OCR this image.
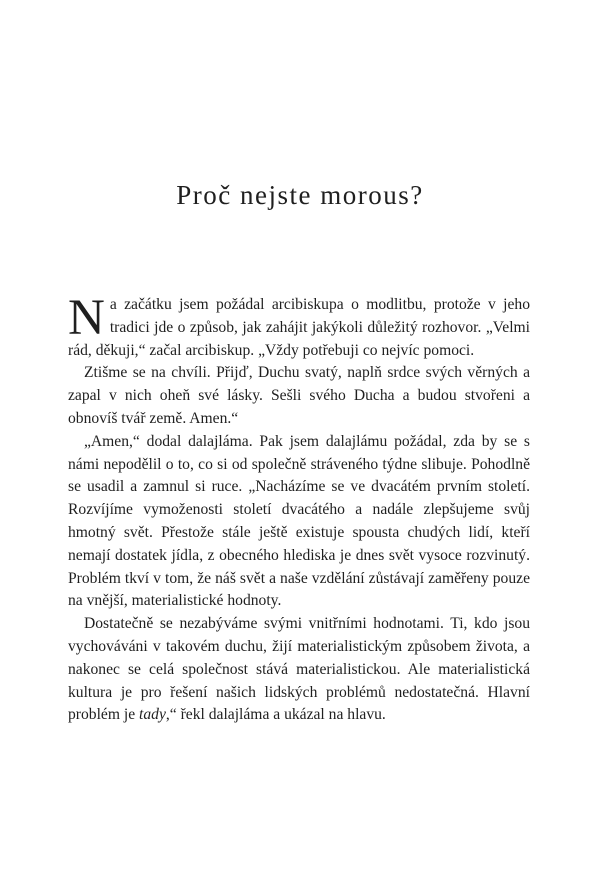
Proč nejste morous?

Na začátku jsem požádal arcibiskupa o modlitbu, protože v jeho tradici jde o způsob, jak zahájit jakýkoli důležitý rozhovor. „Velmi rád, děkuji,“ začal arcibiskup. „Vždy potřebuji co nejvíc pomoci.

Ztišme se na chvíli. Přijď, Duchu svatý, naplň srdce svých věrných a zapal v nich oheň své lásky. Sešli svého Ducha a budou stvořeni a obnovíš tvář země. Amen.“

„Amen,“ dodal dalajláma. Pak jsem dalajlámu požádal, zda by se s námi nepodělil o to, co si od společně stráveného týdne slibuje. Pohodlně se usadil a zamnul si ruce. „Nacházíme se ve dvacátém prvním století. Rozvíjíme vymoženosti století dvacátého a nadále zlepšujeme svůj hmotný svět. Přestože stále ještě existuje spousta chudých lidí, kteří nemají dostatek jídla, z obecného hlediska je dnes svět vysoce rozvinutý. Problém tkví v tom, že náš svět a naše vzdělání zůstávají zaměřeny pouze na vnější, materialistické hodnoty.

Dostatečně se nezabýváme svými vnitřními hodnotami. Ti, kdo jsou vychováváni v takovém duchu, žijí materialistickým způsobem života, a nakonec se celá společnost stává materialistickou. Ale materialistická kultura je pro řešení našich lidských problémů nedostatečná. Hlavní problém je tady,“ řekl dalajláma a ukázal na hlavu.
